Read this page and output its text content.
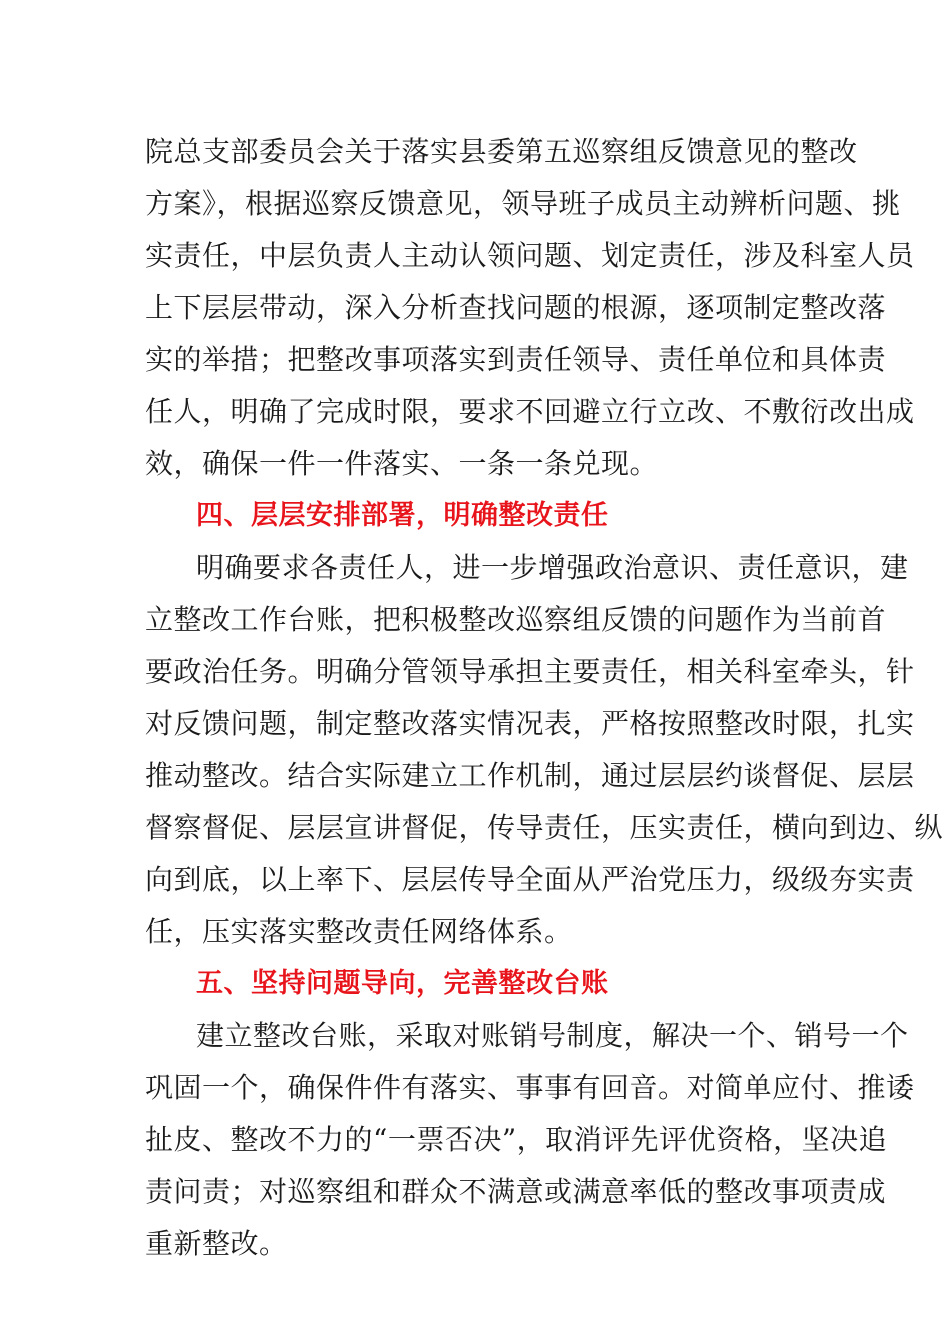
院总支部委员会关于落实县委第五巡察组反馈意见的整改
方案》，根据巡察反馈意见，领导班子成员主动辨析问题、挑
实责任，中层负责人主动认领问题、划定责任，涉及科室人员
上下层层带动，深入分析查找问题的根源，逐项制定整改落
实的举措；把整改事项落实到责任领导、责任单位和具体责
任人，明确了完成时限，要求不回避立行立改、不敷衍改出成
效，确保一件一件落实、一条一条兑现。
四、层层安排部署，明确整改责任
明确要求各责任人，进一步增强政治意识、责任意识，建
立整改工作台账，把积极整改巡察组反馈的问题作为当前首
要政治任务。明确分管领导承担主要责任，相关科室牵头，针
对反馈问题，制定整改落实情况表，严格按照整改时限，扎实
推动整改。结合实际建立工作机制，通过层层约谈督促、层层
督察督促、层层宣讲督促，传导责任，压实责任，横向到边、纵
向到底，以上率下、层层传导全面从严治党压力，级级夯实责
任，压实落实整改责任网络体系。
五、坚持问题导向，完善整改台账
建立整改台账，采取对账销号制度，解决一个、销号一个
巩固一个，确保件件有落实、事事有回音。对简单应付、推诿
扯皮、整改不力的“一票否决”，取消评先评优资格，坚决追
责问责；对巡察组和群众不满意或满意率低的整改事项责成
重新整改。
